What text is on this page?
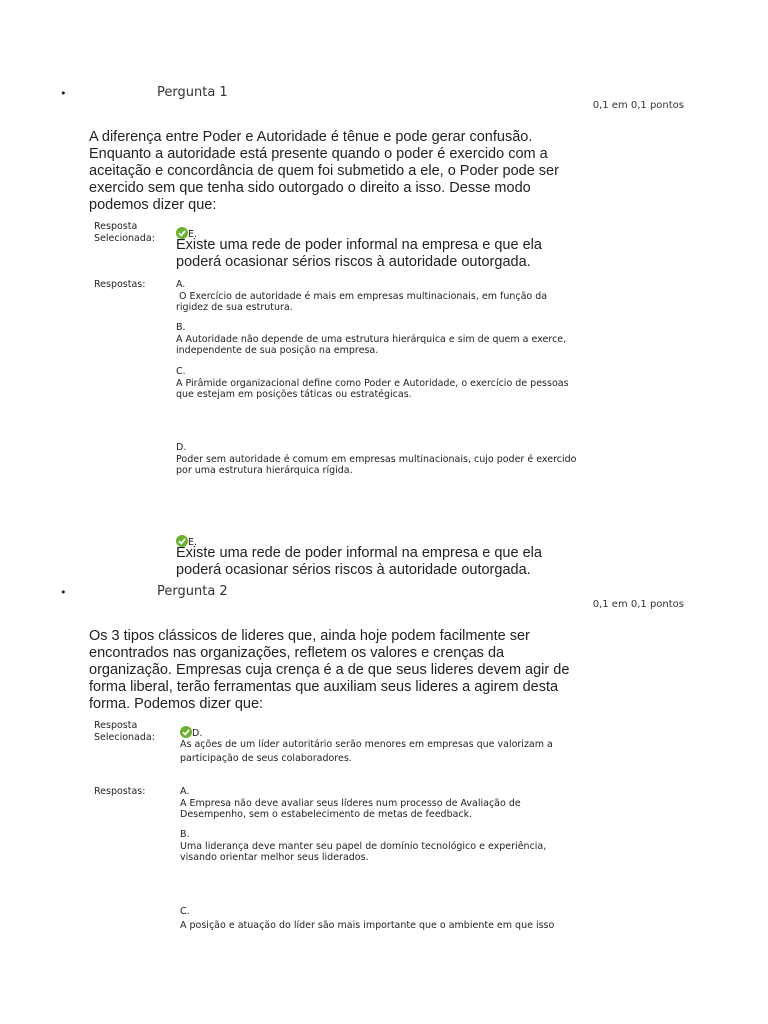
•	Pergunta 1
0,1 em 0,1 pontos
A diferença entre Poder e Autoridade é tênue e pode gerar confusão.
Enquanto a autoridade está presente quando o poder é exercido com a
aceitação e concordância de quem foi submetido a ele, o Poder pode ser
exercido sem que tenha sido outorgado o direito a isso. Desse modo
podemos dizer que:
Resposta
Selecionada:	E.
Existe uma rede de poder informal na empresa e que ela
poderá ocasionar sérios riscos à autoridade outorgada.
Respostas:	A.
O Exercício de autoridade é mais em empresas multinacionais, em função da
rigidez de sua estrutura.
B.
A Autoridade não depende de uma estrutura hierárquica e sim de quem a exerce,
independente de sua posição na empresa.
C.
A Pirâmide organizacional define como Poder e Autoridade, o exercício de pessoas
que estejam em posições táticas ou estratégicas.
D.
Poder sem autoridade é comum em empresas multinacionais, cujo poder é exercido
por uma estrutura hierárquica rígida.
E.
Existe uma rede de poder informal na empresa e que ela
poderá ocasionar sérios riscos à autoridade outorgada.
•	Pergunta 2
0,1 em 0,1 pontos
Os 3 tipos clássicos de lideres que, ainda hoje podem facilmente ser
encontrados nas organizações, refletem os valores e crenças da
organização. Empresas cuja crença é a de que seus lideres devem agir de
forma liberal, terão ferramentas que auxiliam seus lideres a agirem desta
forma. Podemos dizer que:
Resposta
Selecionada:	D.
As ações de um líder autoritário serão menores em empresas que valorizam a
participação de seus colaboradores.
Respostas:	A.
A Empresa não deve avaliar seus líderes num processo de Avaliação de
Desempenho, sem o estabelecimento de metas de feedback.
B.
Uma liderança deve manter seu papel de domínio tecnológico e experiência,
visando orientar melhor seus liderados.
C.
A posição e atuação do líder são mais importante que o ambiente em que isso
